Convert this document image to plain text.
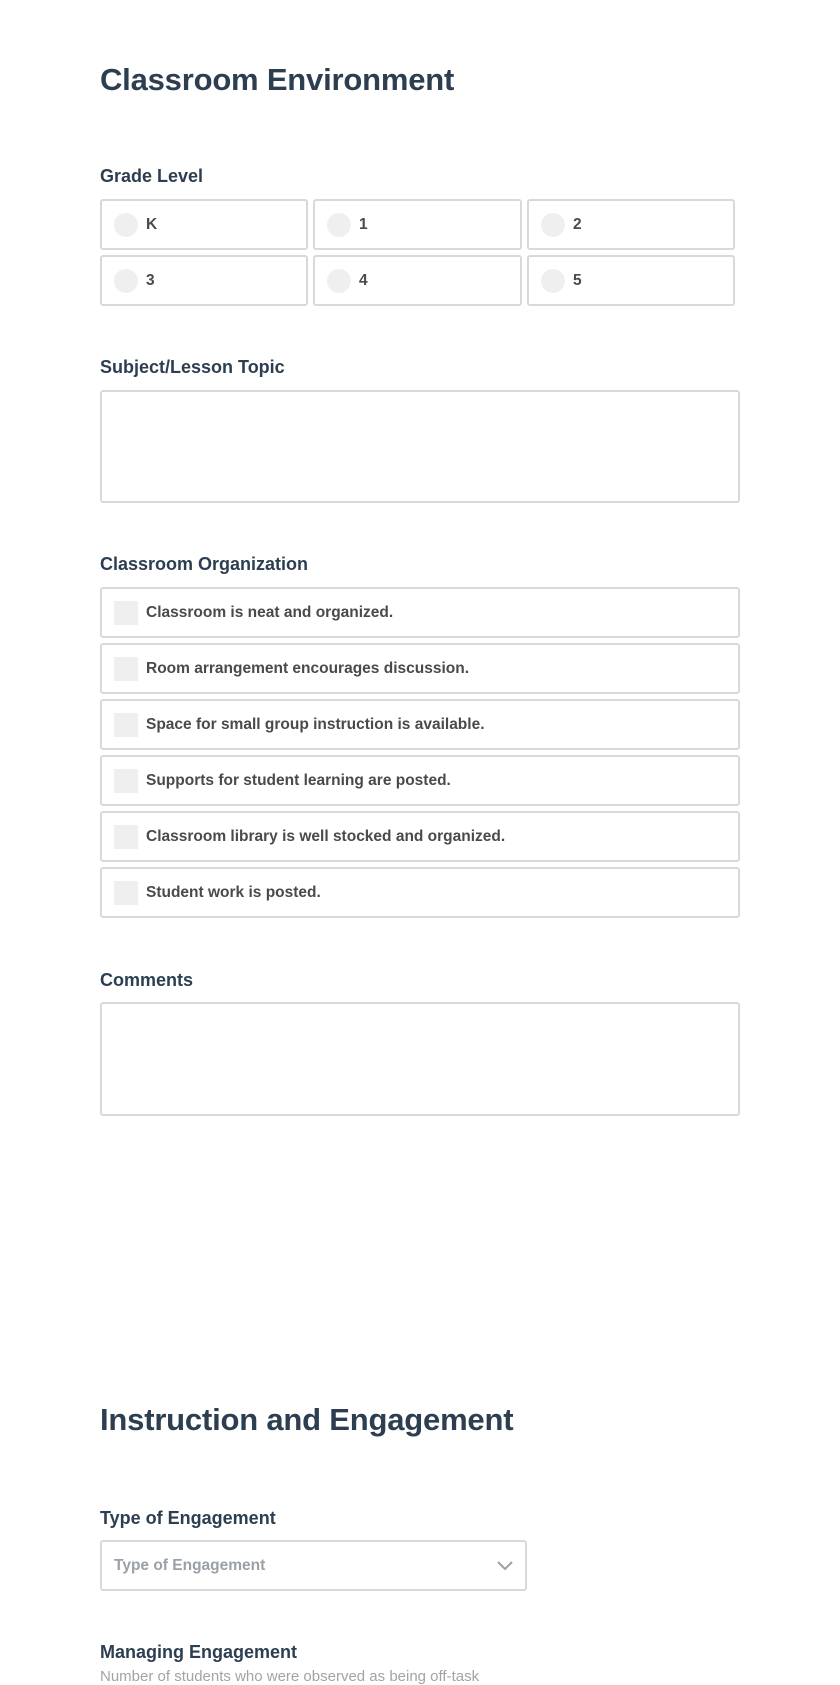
Classroom Environment
Grade Level
K	1	2
3	4	5
Subject/Lesson Topic
Classroom Organization
Classroom is neat and organized.
Room arrangement encourages discussion.
Space for small group instruction is available.
Supports for student learning are posted.
Classroom library is well stocked and organized.
Student work is posted.
Comments
Instruction and Engagement
Type of Engagement
Type of Engagement
Managing Engagement
Number of students who were observed as being off-task
